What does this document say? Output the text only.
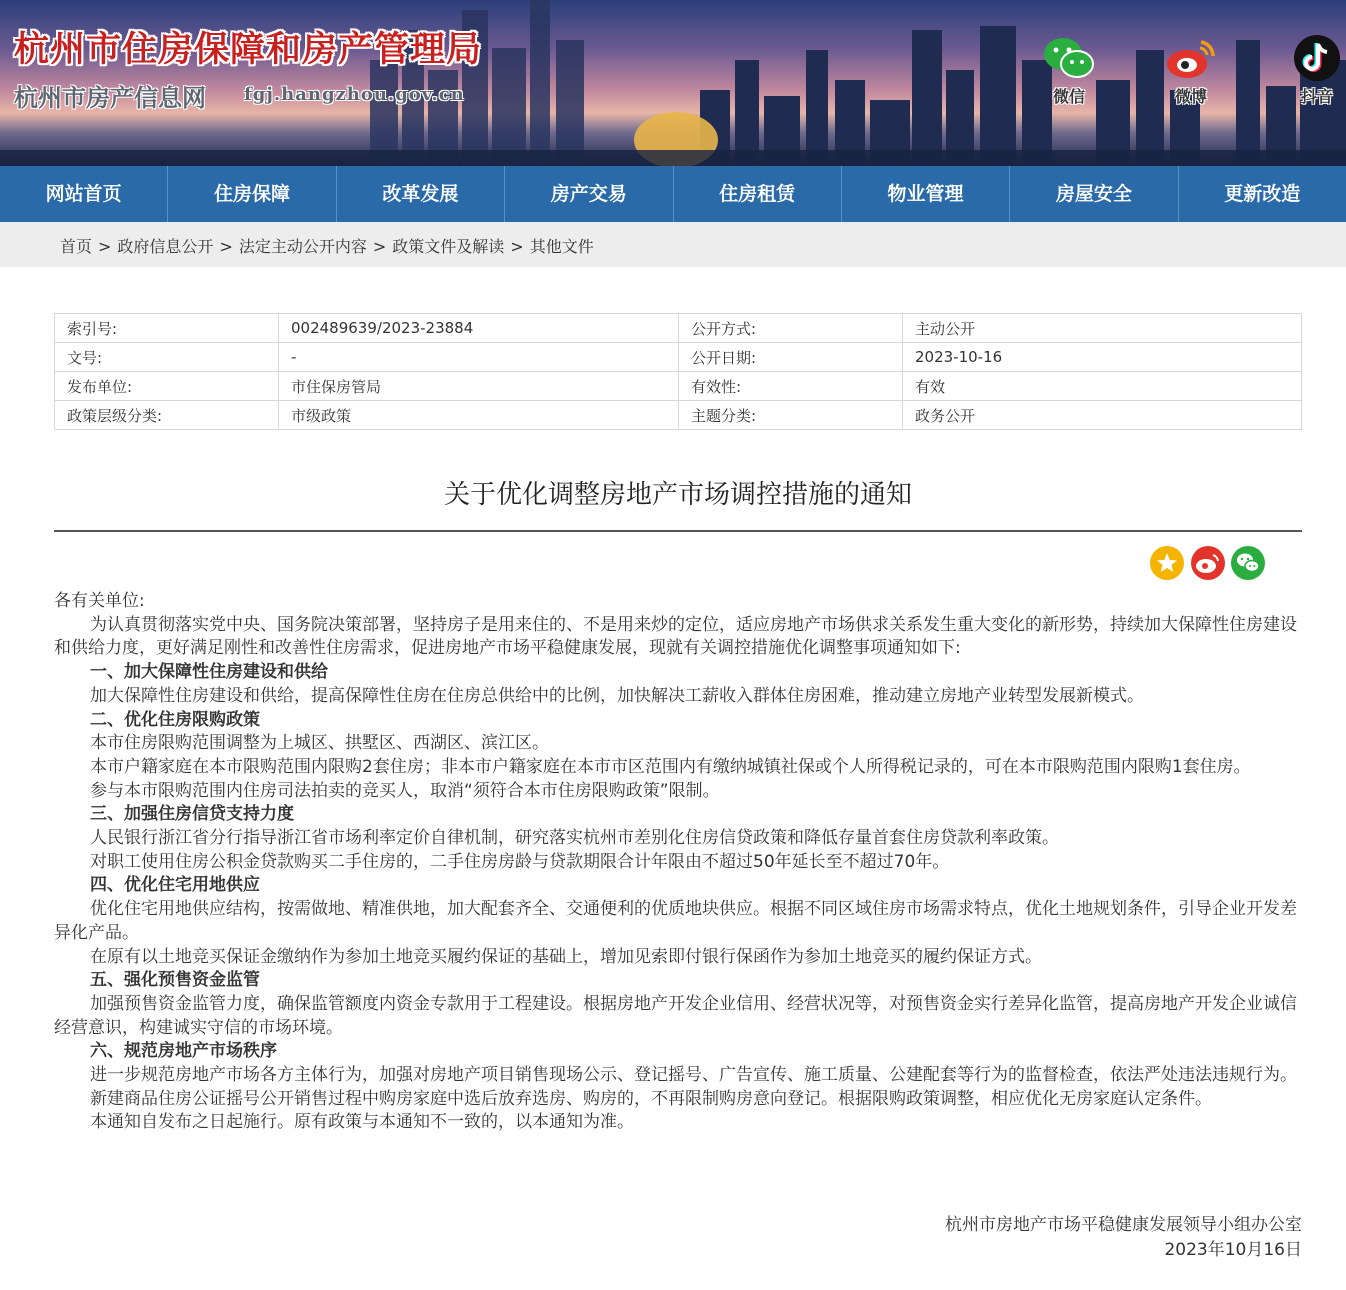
杭州市住房保障和房产管理局
杭州市房产信息网 fgj.hangzhou.gov.cn	微信	微博	抖音
网站首页	住房保障	改革发展	房产交易	住房租赁	物业管理	房屋安全	更新改造
首页 > 政府信息公开 > 法定主动公开内容 > 政策文件及解读 > 其他文件
索引号:	002489639/2023-23884	公开方式:	主动公开
文号:	-	公开日期:	2023-10-16
发布单位:	市住保房管局	有效性:	有效
政策层级分类:	市级政策	主题分类:	政务公开
关于优化调整房地产市场调控措施的通知

各有关单位:

为认真贯彻落实党中央、国务院决策部署，坚持房子是用来住的、不是用来炒的定位，适应房地产市场供求关系发生重大变化的新形势，持续加大保障性住房建设和供给力度，更好满足刚性和改善性住房需求，促进房地产市场平稳健康发展，现就有关调控措施优化调整事项通知如下:

一、加大保障性住房建设和供给

加大保障性住房建设和供给，提高保障性住房在住房总供给中的比例，加快解决工薪收入群体住房困难，推动建立房地产业转型发展新模式。

二、优化住房限购政策

本市住房限购范围调整为上城区、拱墅区、西湖区、滨江区。

本市户籍家庭在本市限购范围内限购2套住房；非本市户籍家庭在本市市区范围内有缴纳城镇社保或个人所得税记录的，可在本市限购范围内限购1套住房。

参与本市限购范围内住房司法拍卖的竞买人，取消“须符合本市住房限购政策”限制。

三、加强住房信贷支持力度

人民银行浙江省分行指导浙江省市场利率定价自律机制，研究落实杭州市差别化住房信贷政策和降低存量首套住房贷款利率政策。

对职工使用住房公积金贷款购买二手住房的，二手住房房龄与贷款期限合计年限由不超过50年延长至不超过70年。

四、优化住宅用地供应

优化住宅用地供应结构，按需做地、精准供地，加大配套齐全、交通便利的优质地块供应。根据不同区域住房市场需求特点，优化土地规划条件，引导企业开发差异化产品。

在原有以土地竞买保证金缴纳作为参加土地竞买履约保证的基础上，增加见索即付银行保函作为参加土地竞买的履约保证方式。

五、强化预售资金监管

加强预售资金监管力度，确保监管额度内资金专款用于工程建设。根据房地产开发企业信用、经营状况等，对预售资金实行差异化监管，提高房地产开发企业诚信经营意识，构建诚实守信的市场环境。

六、规范房地产市场秩序

进一步规范房地产市场各方主体行为，加强对房地产项目销售现场公示、登记摇号、广告宣传、施工质量、公建配套等行为的监督检查，依法严处违法违规行为。

新建商品住房公证摇号公开销售过程中购房家庭中选后放弃选房、购房的，不再限制购房意向登记。根据限购政策调整，相应优化无房家庭认定条件。

本通知自发布之日起施行。原有政策与本通知不一致的，以本通知为准。

杭州市房地产市场平稳健康发展领导小组办公室
2023年10月16日
